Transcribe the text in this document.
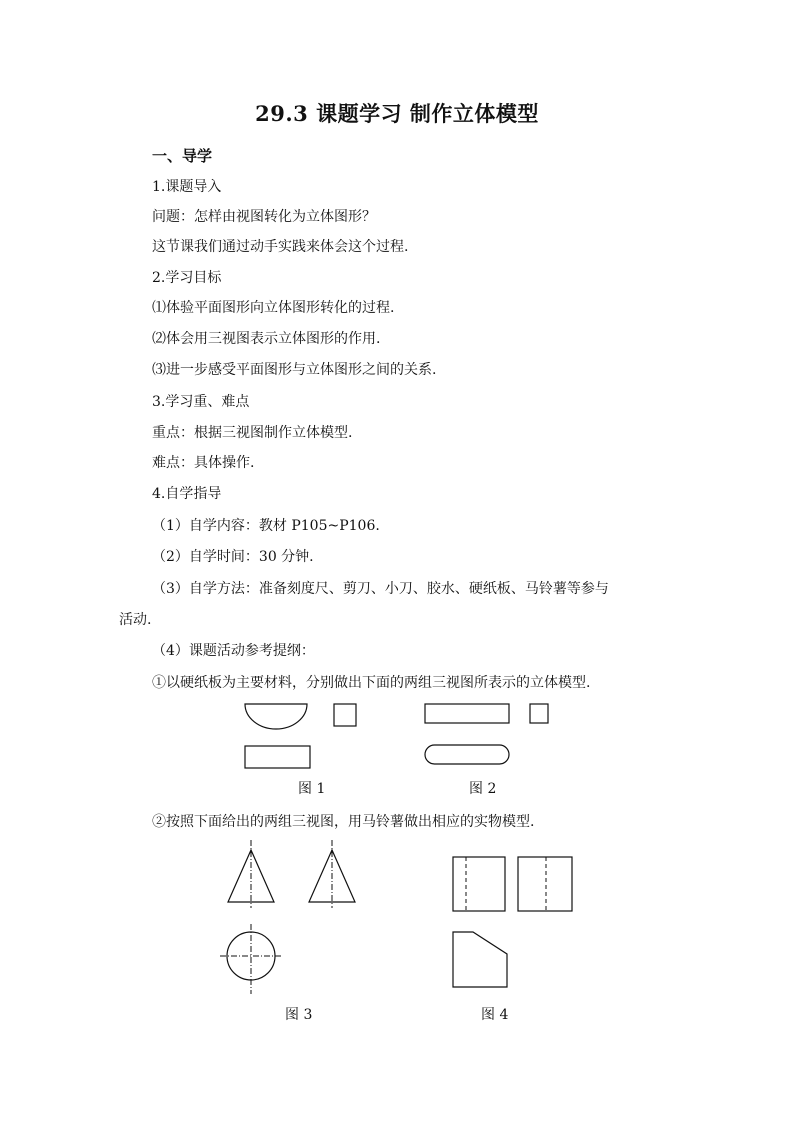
29.3 课题学习 制作立体模型
一、导学
1.课题导入
问题：怎样由视图转化为立体图形？
这节课我们通过动手实践来体会这个过程.
2.学习目标
⑴体验平面图形向立体图形转化的过程.
⑵体会用三视图表示立体图形的作用.
⑶进一步感受平面图形与立体图形之间的关系.
3.学习重、难点
重点：根据三视图制作立体模型.
难点：具体操作.
4.自学指导
（1）自学内容：教材 P105~P106.
（2）自学时间：30 分钟.
（3）自学方法：准备刻度尺、剪刀、小刀、胶水、硬纸板、马铃薯等参与
活动.
（4）课题活动参考提纲：
①以硬纸板为主要材料，分别做出下面的两组三视图所表示的立体模型.
图 1	图 2
②按照下面给出的两组三视图，用马铃薯做出相应的实物模型.
图 3	图 4
